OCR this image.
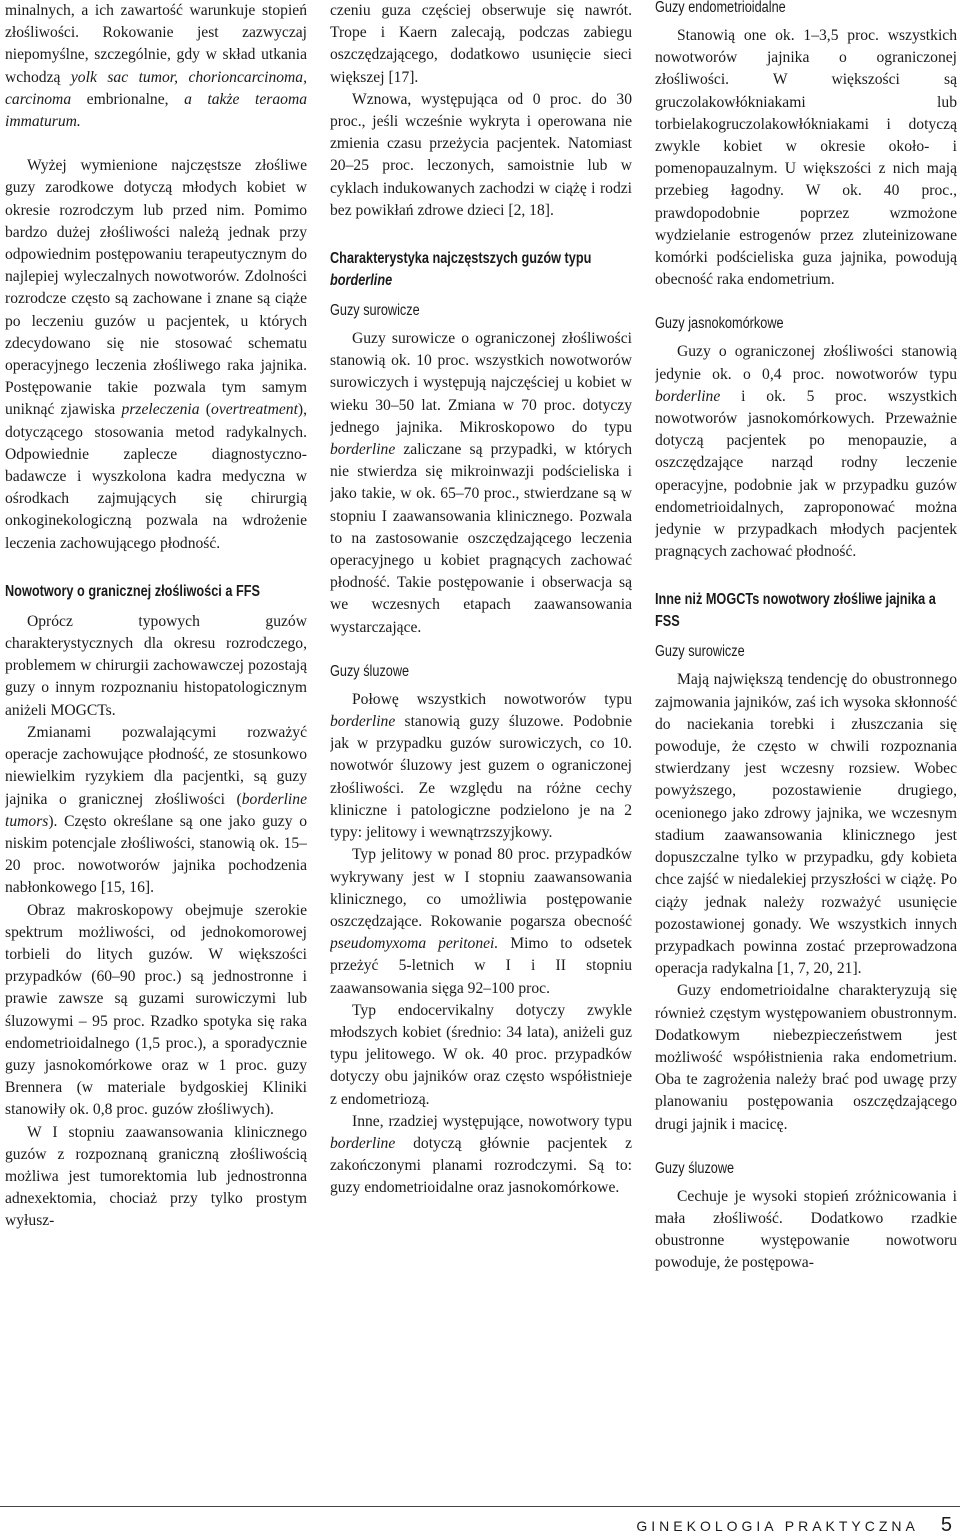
minalnych, a ich zawartość warunkuje stopień złośliwości. Rokowanie jest zazwyczaj niepomyślne, szczególnie, gdy w skład utkania wchodzą yolk sac tumor, chorioncarcinoma, carcinoma embrionalne, a także teraoma immaturum.

Wyżej wymienione najczęstsze złośliwe guzy zarodkowe dotyczą młodych kobiet w okresie rozrodczym lub przed nim. Pomimo bardzo dużej złośliwości należą jednak przy odpowiednim postępowaniu terapeutycznym do najlepiej wyleczalnych nowotworów. Zdolności rozrodcze często są zachowane i znane są ciąże po leczeniu guzów u pacjentek, u których zdecydowano się nie stosować schematu operacyjnego leczenia złośliwego raka jajnika. Postępowanie takie pozwala tym samym uniknąć zjawiska przeleczenia (overtreatment), dotyczącego stosowania metod radykalnych. Odpowiednie zaplecze diagnostyczno-badawcze i wyszkolona kadra medyczna w ośrodkach zajmujących się chirurgią onkoginekologiczną pozwala na wdrożenie leczenia zachowującego płodność.

Nowotwory o granicznej złośliwości a FFS

Oprócz typowych guzów charakterystycznych dla okresu rozrodczego, problemem w chirurgii zachowawczej pozostają guzy o innym rozpoznaniu histopatologicznym aniżeli MOGCTs.

Zmianami pozwalającymi rozważyć operacje zachowujące płodność, ze stosunkowo niewielkim ryzykiem dla pacjentki, są guzy jajnika o granicznej złośliwości (borderline tumors). Często określane są one jako guzy o niskim potencjale złośliwości, stanowią ok. 15–20 proc. nowotworów jajnika pochodzenia nabłonkowego [15, 16].

Obraz makroskopowy obejmuje szerokie spektrum możliwości, od jednokomorowej torbieli do litych guzów. W większości przypadków (60–90 proc.) są jednostronne i prawie zawsze są guzami surowiczymi lub śluzowymi – 95 proc. Rzadko spotyka się raka endometrioidalnego (1,5 proc.), a sporadycznie guzy jasnokomórkowe oraz w 1 proc. guzy Brennera (w materiale bydgoskiej Kliniki stanowiły ok. 0,8 proc. guzów złośliwych).

W I stopniu zaawansowania klinicznego guzów z rozpoznaną graniczną złośliwością możliwa jest tumorektomia lub jednostronna adnexektomia, chociaż przy tylko prostym wyłusz-

czeniu guza częściej obserwuje się nawrót. Trope i Kaern zalecają, podczas zabiegu oszczędzającego, dodatkowo usunięcie sieci większej [17].

Wznowa, występująca od 0 proc. do 30 proc., jeśli wcześnie wykryta i operowana nie zmienia czasu przeżycia pacjentek. Natomiast 20–25 proc. leczonych, samoistnie lub w cyklach indukowanych zachodzi w ciążę i rodzi bez powikłań zdrowe dzieci [2, 18].

Charakterystyka najczęstszych guzów typu borderline
Guzy surowicze

Guzy surowicze o ograniczonej złośliwości stanowią ok. 10 proc. wszystkich nowotworów surowiczych i występują najczęściej u kobiet w wieku 30–50 lat. Zmiana w 70 proc. dotyczy jednego jajnika. Mikroskopowo do typu borderline zaliczane są przypadki, w których nie stwierdza się mikroinwazji podścieliska i jako takie, w ok. 65–70 proc., stwierdzane są w stopniu I zaawansowania klinicznego. Pozwala to na zastosowanie oszczędzającego leczenia operacyjnego u kobiet pragnących zachować płodność. Takie postępowanie i obserwacja są we wczesnych etapach zaawansowania wystarczające.

Guzy śluzowe

Połowę wszystkich nowotworów typu borderline stanowią guzy śluzowe. Podobnie jak w przypadku guzów surowiczych, co 10. nowotwór śluzowy jest guzem o ograniczonej złośliwości. Ze względu na różne cechy kliniczne i patologiczne podzielono je na 2 typy: jelitowy i wewnątrzszyjkowy.

Typ jelitowy w ponad 80 proc. przypadków wykrywany jest w I stopniu zaawansowania klinicznego, co umożliwia postępowanie oszczędzające. Rokowanie pogarsza obecność pseudomyxoma peritonei. Mimo to odsetek przeżyć 5-letnich w I i II stopniu zaawansowania sięga 92–100 proc.

Typ endocervikalny dotyczy zwykle młodszych kobiet (średnio: 34 lata), aniżeli guz typu jelitowego. W ok. 40 proc. przypadków dotyczy obu jajników oraz często współistnieje z endometriozą.

Inne, rzadziej występujące, nowotwory typu borderline dotyczą głównie pacjentek z zakończonymi planami rozrodczymi. Są to: guzy endometrioidalne oraz jasnokomórkowe.

Guzy endometrioidalne

Stanowią one ok. 1–3,5 proc. wszystkich nowotworów jajnika o ograniczonej złośliwości. W większości są gruczolakowłókniakami lub torbielakogruczolakowłókniakami i dotyczą zwykle kobiet w okresie około- i pomenopauzalnym. U większości z nich mają przebieg łagodny. W ok. 40 proc., prawdopodobnie poprzez wzmożone wydzielanie estrogenów przez zluteinizowane komórki podścieliska guza jajnika, powodują obecność raka endometrium.

Guzy jasnokomórkowe

Guzy o ograniczonej złośliwości stanowią jedynie ok. o 0,4 proc. nowotworów typu borderline i ok. 5 proc. wszystkich nowotworów jasnokomórkowych. Przeważnie dotyczą pacjentek po menopauzie, a oszczędzające narząd rodny leczenie operacyjne, podobnie jak w przypadku guzów endometrioidalnych, zaproponować można jedynie w przypadkach młodych pacjentek pragnących zachować płodność.

Inne niż MOGCTs nowotwory złośliwe jajnika a FSS
Guzy surowicze

Mają największą tendencję do obustronnego zajmowania jajników, zaś ich wysoka skłonność do naciekania torebki i złuszczania się powoduje, że często w chwili rozpoznania stwierdzany jest wczesny rozsiew. Wobec powyższego, pozostawienie drugiego, ocenionego jako zdrowy jajnika, we wczesnym stadium zaawansowania klinicznego jest dopuszczalne tylko w przypadku, gdy kobieta chce zajść w niedalekiej przyszłości w ciążę. Po ciąży jednak należy rozważyć usunięcie pozostawionej gonady. We wszystkich innych przypadkach powinna zostać przeprowadzona operacja radykalna [1, 7, 20, 21].

Guzy endometrioidalne charakteryzują się również częstym występowaniem obustronnym. Dodatkowym niebezpieczeństwem jest możliwość współistnienia raka endometrium. Oba te zagrożenia należy brać pod uwagę przy planowaniu postępowania oszczędzającego drugi jajnik i macicę.

Guzy śluzowe

Cechuje je wysoki stopień zróżnicowania i mała złośliwość. Dodatkowo rzadkie obustronne występowanie nowotworu powoduje, że postępowa-

GINEKOLOGIA PRAKTYCZNA 5
